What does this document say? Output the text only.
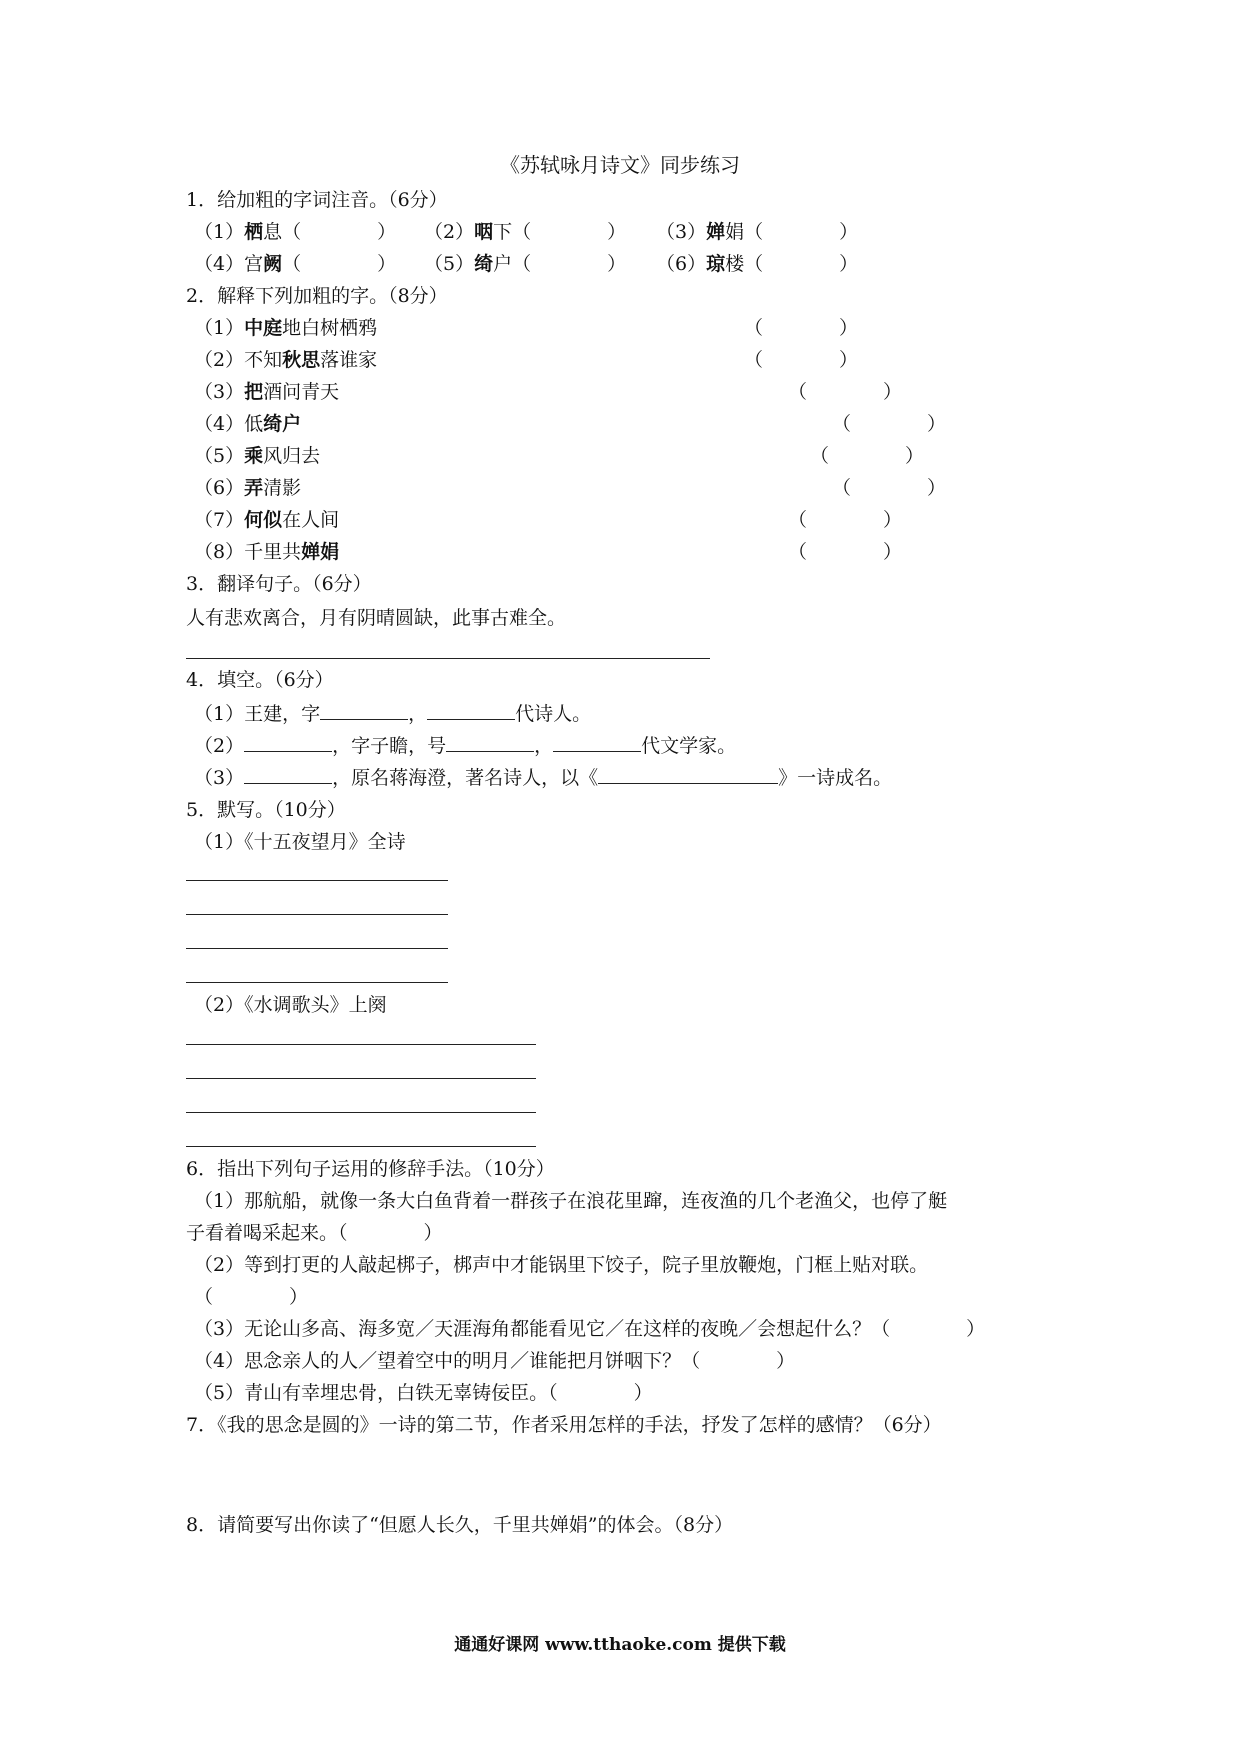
《苏轼咏月诗文》同步练习
1．给加粗的字词注音。（6分）
（1）栖息（　　　　） （2）咽下（　　　　） （3）婵娟（　　　　）
（4）宫阙（　　　　） （5）绮户（　　　　） （6）琼楼（　　　　）
2．解释下列加粗的字。（8分）
（1）中庭地白树栖鸦	（　　　　）
（2）不知秋思落谁家	（　　　　）
（3）把酒问青天	（　　　　）
（4）低绮户	（　　　　）
（5）乘风归去	（　　　　）
（6）弄清影	（　　　　）
（7）何似在人间	（　　　　）
（8）千里共婵娟	（　　　　）
3．翻译句子。（6分）
人有悲欢离合，月有阴晴圆缺，此事古难全。
4．填空。（6分）
（1）王建，字	，	代诗人。
（2）	，字子瞻，号	，	代文学家。
（3）	，原名蒋海澄，著名诗人，以《	》一诗成名。
5．默写。（10分）
（1）《十五夜望月》全诗
（2）《水调歌头》上阕
6．指出下列句子运用的修辞手法。（10分）
（1）那航船，就像一条大白鱼背着一群孩子在浪花里蹿，连夜渔的几个老渔父，也停了艇
子看着喝采起来。（　　　　）
（2）等到打更的人敲起梆子，梆声中才能锅里下饺子，院子里放鞭炮，门框上贴对联。
（　　　　）
（3）无论山多高、海多宽／天涯海角都能看见它／在这样的夜晚／会想起什么？（　　　　）
（4）思念亲人的人／望着空中的明月／谁能把月饼咽下？（　　　　）
（5）青山有幸埋忠骨，白铁无辜铸佞臣。（　　　　）
7．《我的思念是圆的》一诗的第二节，作者采用怎样的手法，抒发了怎样的感情？（6分）
8．请简要写出你读了“但愿人长久，千里共婵娟”的体会。（8分）
通通好课网 www.tthaoke.com 提供下载
